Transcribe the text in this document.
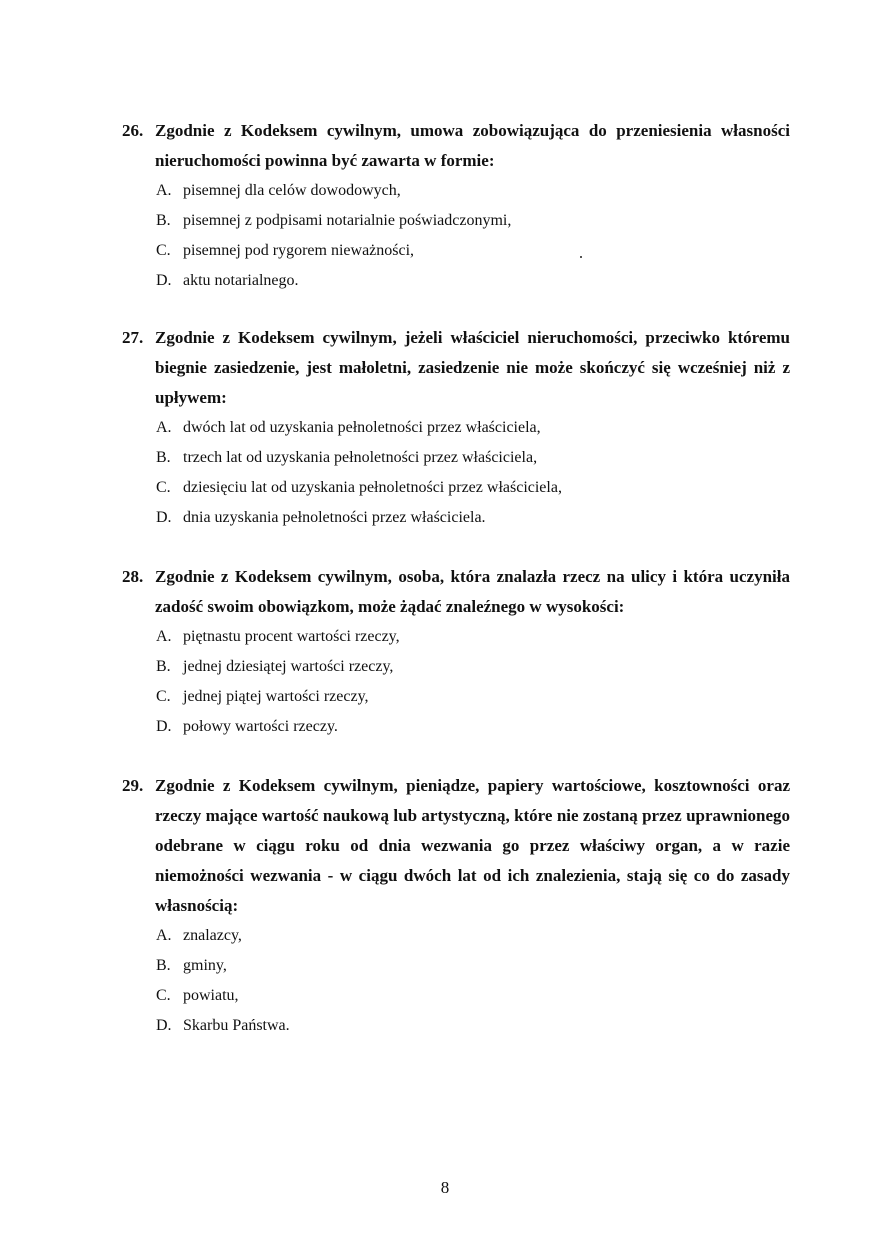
26. Zgodnie z Kodeksem cywilnym, umowa zobowiązująca do przeniesienia własności nieruchomości powinna być zawarta w formie:
A. pisemnej dla celów dowodowych,
B. pisemnej z podpisami notarialnie poświadczonymi,
C. pisemnej pod rygorem nieważności,
D. aktu notarialnego.
27. Zgodnie z Kodeksem cywilnym, jeżeli właściciel nieruchomości, przeciwko któremu biegnie zasiedzenie, jest małoletni, zasiedzenie nie może skończyć się wcześniej niż z upływem:
A. dwóch lat od uzyskania pełnoletności przez właściciela,
B. trzech lat od uzyskania pełnoletności przez właściciela,
C. dziesięciu lat od uzyskania pełnoletności przez właściciela,
D. dnia uzyskania pełnoletności przez właściciela.
28. Zgodnie z Kodeksem cywilnym, osoba, która znalazła rzecz na ulicy i która uczyniła zadość swoim obowiązkom, może żądać znaleźnego w wysokości:
A. piętnastu procent wartości rzeczy,
B. jednej dziesiątej wartości rzeczy,
C. jednej piątej wartości rzeczy,
D. połowy wartości rzeczy.
29. Zgodnie z Kodeksem cywilnym, pieniądze, papiery wartościowe, kosztowności oraz rzeczy mające wartość naukową lub artystyczną, które nie zostaną przez uprawnionego odebrane w ciągu roku od dnia wezwania go przez właściwy organ, a w razie niemożności wezwania - w ciągu dwóch lat od ich znalezienia, stają się co do zasady własnością:
A. znalazcy,
B. gminy,
C. powiatu,
D. Skarbu Państwa.
8
